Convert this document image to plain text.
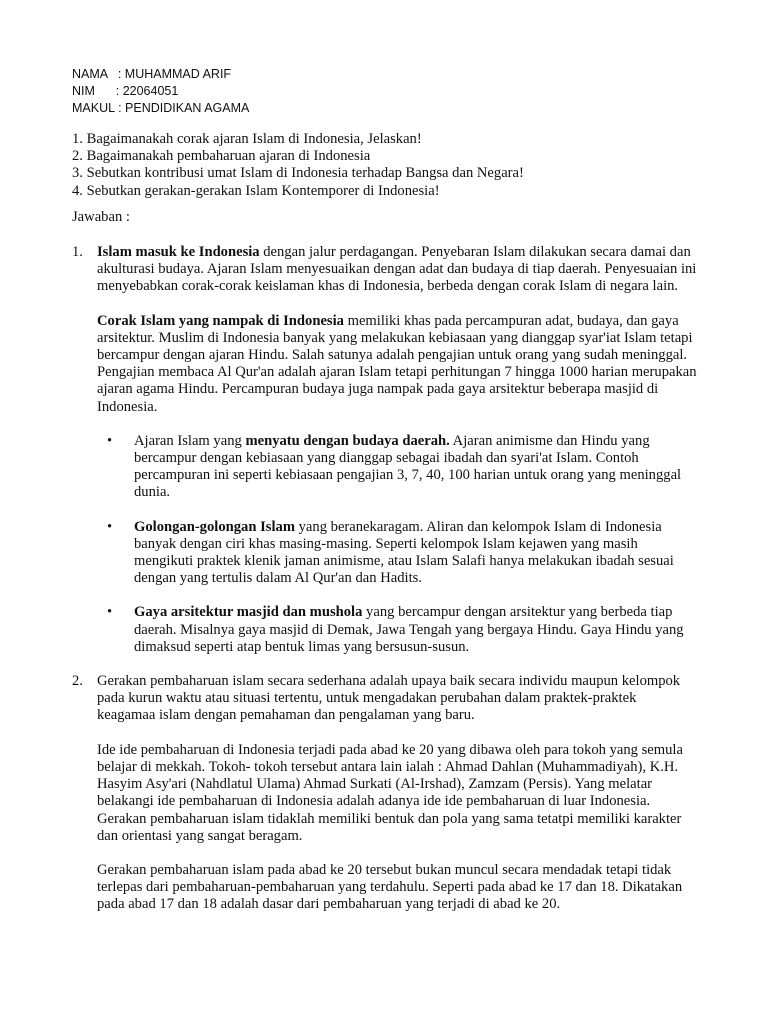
NAMA   : MUHAMMAD ARIF
NIM      : 22064051
MAKUL : PENDIDIKAN AGAMA
1. Bagaimanakah corak ajaran Islam di Indonesia, Jelaskan!
2. Bagaimanakah pembaharuan ajaran di Indonesia
3. Sebutkan kontribusi umat Islam di Indonesia terhadap Bangsa dan Negara!
4. Sebutkan gerakan-gerakan Islam Kontemporer di Indonesia!
Jawaban :
1. Islam masuk ke Indonesia dengan jalur perdagangan. Penyebaran Islam dilakukan secara damai dan akulturasi budaya. Ajaran Islam menyesuaikan dengan adat dan budaya di tiap daerah. Penyesuaian ini menyebabkan corak-corak keislaman khas di Indonesia, berbeda dengan corak Islam di negara lain.

Corak Islam yang nampak di Indonesia memiliki khas pada percampuran adat, budaya, dan gaya arsitektur. Muslim di Indonesia banyak yang melakukan kebiasaan yang dianggap syar'iat Islam tetapi bercampur dengan ajaran Hindu. Salah satunya adalah pengajian untuk orang yang sudah meninggal. Pengajian membaca Al Qur'an adalah ajaran Islam tetapi perhitungan 7 hingga 1000 harian merupakan ajaran agama Hindu. Percampuran budaya juga nampak pada gaya arsitektur beberapa masjid di Indonesia.

•	Ajaran Islam yang menyatu dengan budaya daerah. Ajaran animisme dan Hindu yang bercampur dengan kebiasaan yang dianggap sebagai ibadah dan syari'at Islam. Contoh percampuran ini seperti kebiasaan pengajian 3, 7, 40, 100 harian untuk orang yang meninggal dunia.
•	Golongan-golongan Islam yang beranekaragam. Aliran dan kelompok Islam di Indonesia banyak dengan ciri khas masing-masing. Seperti kelompok Islam kejawen yang masih mengikuti praktek klenik jaman animisme, atau Islam Salafi hanya melakukan ibadah sesuai dengan yang tertulis dalam Al Qur'an dan Hadits.
•	Gaya arsitektur masjid dan mushola yang bercampur dengan arsitektur yang berbeda tiap daerah. Misalnya gaya masjid di Demak, Jawa Tengah yang bergaya Hindu. Gaya Hindu yang dimaksud seperti atap bentuk limas yang bersusun-susun.
2. Gerakan pembaharuan islam secara sederhana adalah upaya baik secara individu maupun kelompok pada kurun waktu atau situasi tertentu, untuk mengadakan perubahan dalam praktek-praktek keagamaa islam dengan pemahaman dan pengalaman yang baru.

Ide ide pembaharuan di Indonesia terjadi pada abad ke 20 yang dibawa oleh para tokoh yang semula belajar di mekkah. Tokoh- tokoh tersebut antara lain ialah : Ahmad Dahlan (Muhammadiyah), K.H. Hasyim Asy'ari (Nahdlatul Ulama) Ahmad Surkati (Al-Irshad), Zamzam (Persis). Yang melatar belakangi ide pembaharuan di Indonesia adalah adanya ide ide pembaharuan di luar Indonesia. Gerakan pembaharuan islam tidaklah memiliki bentuk dan pola yang sama tetatpi memiliki karakter dan orientasi yang sangat beragam.

Gerakan pembaharuan islam pada abad ke 20 tersebut bukan muncul secara mendadak tetapi tidak terlepas dari pembaharuan-pembaharuan yang terdahulu. Seperti pada abad ke 17 dan 18. Dikatakan pada abad 17 dan 18 adalah dasar dari pembaharuan yang terjadi di abad ke 20.
